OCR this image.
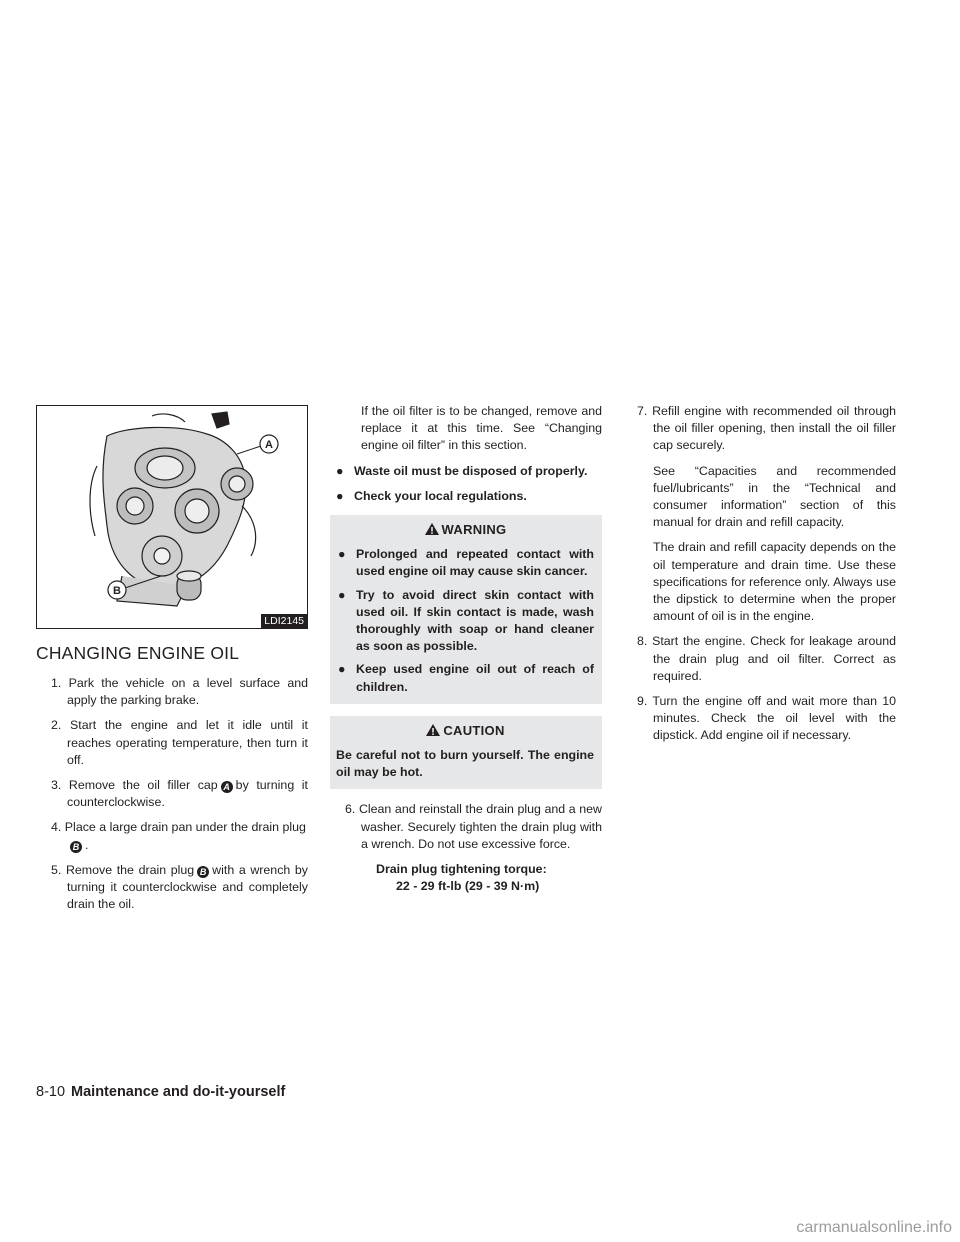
A
B
LDI2145
CHANGING ENGINE OIL

1. Park the vehicle on a level surface and apply the parking brake.

2. Start the engine and let it idle until it reaches operating temperature, then turn it off.

3. Remove the oil filler cap A by turning it counterclockwise.

4. Place a large drain pan under the drain plug
B .

5. Remove the drain plug B with a wrench by turning it counterclockwise and completely drain the oil.

If the oil filter is to be changed, remove and replace it at this time. See “Changing engine oil filter” in this section.

● Waste oil must be disposed of properly.

● Check your local regulations.

WARNING

● Prolonged and repeated contact with used engine oil may cause skin cancer.

● Try to avoid direct skin contact with used oil. If skin contact is made, wash thoroughly with soap or hand cleaner as soon as possible.

● Keep used engine oil out of reach of children.

CAUTION

Be careful not to burn yourself. The engine oil may be hot.

6. Clean and reinstall the drain plug and a new washer. Securely tighten the drain plug with a wrench. Do not use excessive force.

Drain plug tightening torque:

22 - 29 ft-lb (29 - 39 N·m)

7. Refill engine with recommended oil through the oil filler opening, then install the oil filler cap securely.

See “Capacities and recommended fuel/lubricants” in the “Technical and consumer information” section of this manual for drain and refill capacity.

The drain and refill capacity depends on the oil temperature and drain time. Use these specifications for reference only. Always use the dipstick to determine when the proper amount of oil is in the engine.

8. Start the engine. Check for leakage around the drain plug and oil filter. Correct as required.

9. Turn the engine off and wait more than 10 minutes. Check the oil level with the dipstick. Add engine oil if necessary.

8-10 Maintenance and do-it-yourself
carmanualsonline.info
